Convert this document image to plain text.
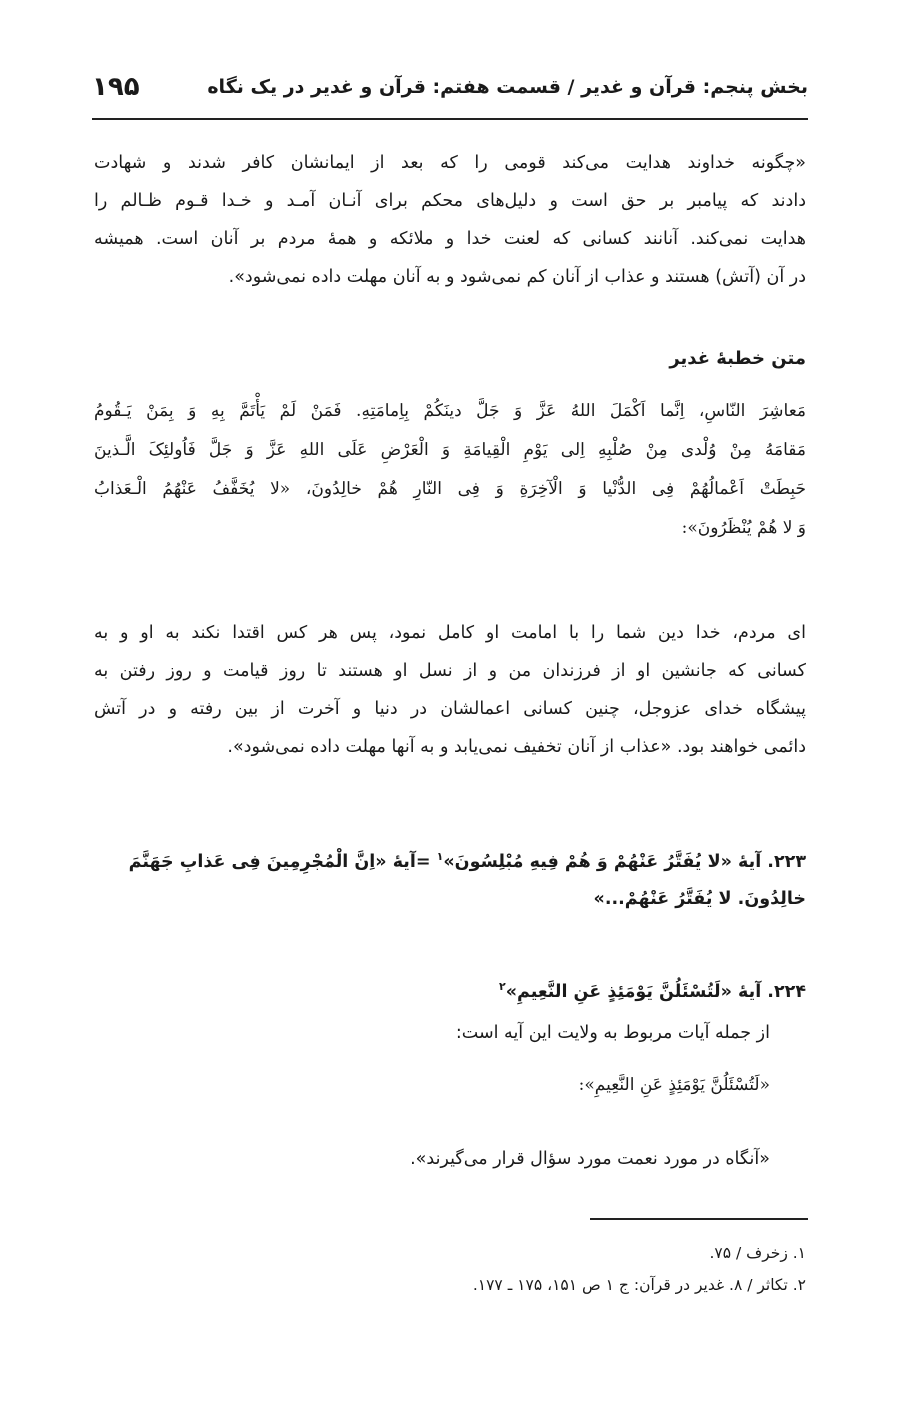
بخش پنجم: قرآن و غدیر / قسمت هفتم: قرآن و غدیر در یک نگاه
۱۹۵
«چگونه خداوند هدایت می‌کند قومی را که بعد از ایمانشان کافر شدند و شهادت
دادند که پیامبر بر حق است و دلیل‌های محکم برای آنـان آمـد و خـدا قـوم ظـالم را
هدایت نمی‌کند. آنانند کسانی که لعنت خدا و ملائکه و همهٔ مردم بر آنان است. همیشه
در آن (آتش) هستند و عذاب از آنان کم نمی‌شود و به آنان مهلت داده نمی‌شود».
متن خطبهٔ غدیر
مَعاشِرَ النّاسِ، اِنَّما اَکْمَلَ اللهُ عَزَّ وَ جَلَّ دینَکُمْ بِاِمامَتِهِ. فَمَنْ لَمْ یَأْتَمَّ بِهِ وَ بِمَنْ یَـقُومُ
مَقامَهُ مِنْ وُلْدی مِنْ صُلْبِهِ اِلی یَوْمِ الْقِیامَةِ وَ الْعَرْضِ عَلَی اللهِ عَزَّ وَ جَلَّ فَاُولئِکَ الَّـذینَ
حَبِطَتْ اَعْمالُهُمْ فِی الدُّنْیا وَ الْآخِرَةِ وَ فِی النّارِ هُمْ خالِدُونَ، «لا یُخَفَّفُ عَنْهُمُ الْـعَذابُ
وَ لا هُمْ یُنْظَرُونَ»:
ای مردم، خدا دین شما را با امامت او کامل نمود، پس هر کس اقتدا نکند به او و به
کسانی که جانشین او از فرزندان من و از نسل او هستند تا روز قیامت و روز رفتن به
پیشگاه خدای عزوجل، چنین کسانی اعمالشان در دنیا و آخرت از بین رفته و در آتش
دائمی خواهند بود. «عذاب از آنان تخفیف نمی‌یابد و به آنها مهلت داده نمی‌شود».
۲۲۳. آیهٔ «لا یُفَتَّرُ عَنْهُمْ وَ هُمْ فِیهِ مُبْلِسُونَ»$^۱$ =آیهٔ «اِنَّ الْمُجْرِمِینَ فِی عَذابِ جَهَنَّمَ
خالِدُونَ. لا یُفَتَّرُ عَنْهُمْ...»
۲۲۴. آیهٔ «لَتُسْئَلُنَّ یَوْمَئِذٍ عَنِ النَّعِیمِ»$^۲$
از جمله آیات مربوط به ولایت این آیه است:
«لَتُسْئَلُنَّ یَوْمَئِذٍ عَنِ النَّعِیمِ»:
«آنگاه در مورد نعمت مورد سؤال قرار می‌گیرند».
۱. زخرف / ۷۵.
۲. تکاثر / ۸. غدیر در قرآن: ج ۱ ص ۱۵۱، ۱۷۵ ـ ۱۷۷.
